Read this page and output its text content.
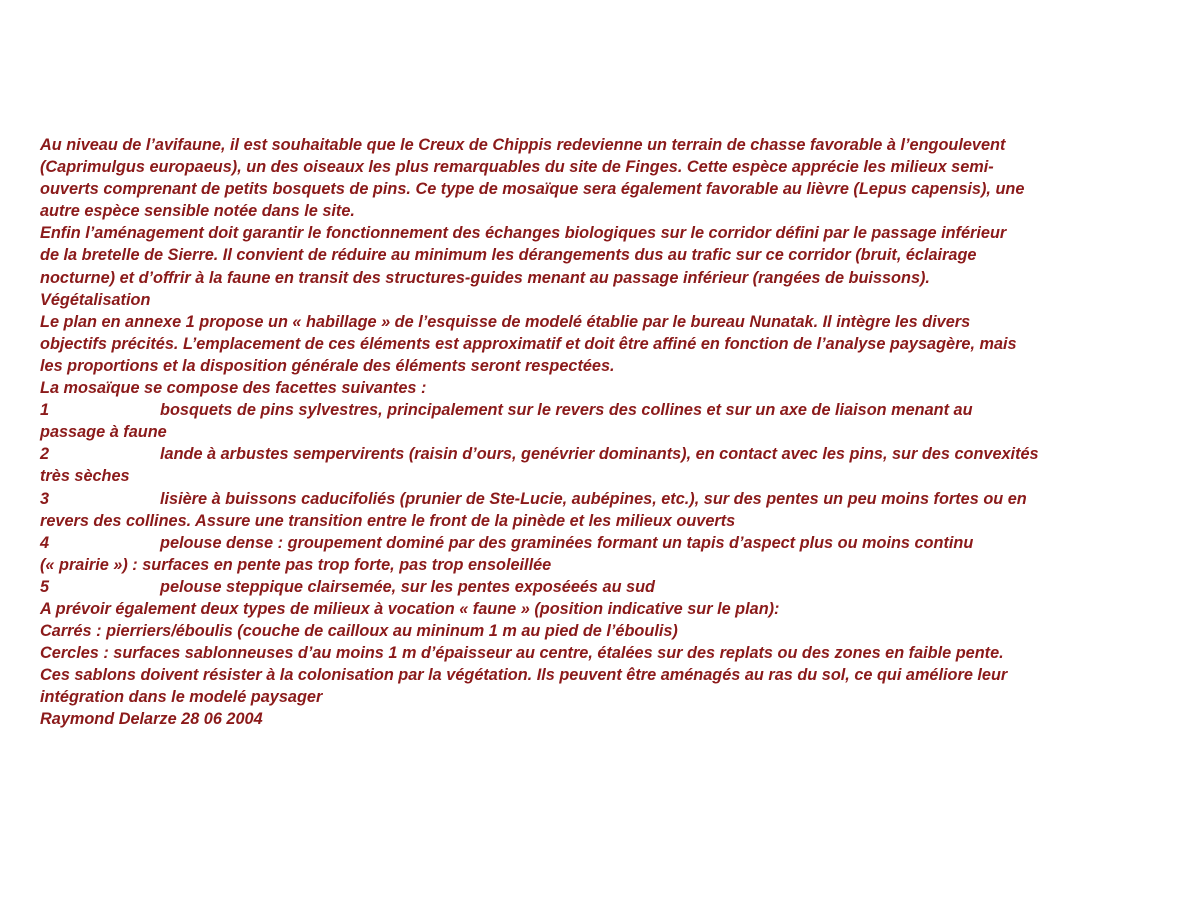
Au niveau de l’avifaune, il est souhaitable que le Creux de Chippis redevienne un terrain de chasse favorable à l’engoulevent
(Caprimulgus europaeus), un des oiseaux les plus remarquables du site de Finges. Cette espèce apprécie les milieux semi-
ouverts comprenant de petits bosquets de pins. Ce type de mosaïque sera également favorable au lièvre (Lepus capensis), une
autre espèce sensible notée dans le site.
Enfin l’aménagement doit garantir le fonctionnement des échanges biologiques sur le corridor défini par le passage inférieur
de la bretelle de Sierre. Il convient de réduire au minimum les dérangements dus au trafic sur ce corridor (bruit, éclairage
nocturne) et d’offrir à la faune en transit des structures-guides menant au passage inférieur (rangées de buissons).
Végétalisation
Le plan en annexe 1 propose un « habillage » de l’esquisse de modelé établie par le bureau Nunatak. Il intègre les divers
objectifs précités. L’emplacement de ces éléments est approximatif et doit être affiné en fonction de l’analyse paysagère, mais
les proportions et la disposition générale des éléments seront respectées.
La mosaïque se compose des facettes suivantes :
1	bosquets de pins sylvestres, principalement sur le revers des collines et sur un axe de liaison menant au
passage à faune
2	lande à arbustes sempervirents (raisin d’ours, genévrier dominants), en contact avec les pins, sur des convexités
très sèches
3	lisière à buissons caducifoliés (prunier de Ste-Lucie, aubépines, etc.), sur des pentes un peu moins fortes ou en
revers des collines. Assure une transition entre le front de la pinède et les milieux ouverts
4	pelouse dense : groupement dominé par des graminées formant un tapis d’aspect plus ou moins continu
(« prairie ») : surfaces en pente pas trop forte, pas trop ensoleillée
5	pelouse steppique clairsemée, sur les pentes exposéeés au sud
A prévoir également deux types de milieux à vocation « faune » (position indicative sur le plan):
Carrés : pierriers/éboulis (couche de cailloux au mininum 1 m au pied de l’éboulis)
Cercles : surfaces sablonneuses d’au moins 1 m d’épaisseur au centre, étalées sur des replats ou des zones en faible pente.
Ces sablons doivent résister à la colonisation par la végétation. Ils peuvent être aménagés au ras du sol, ce qui améliore leur
intégration dans le modelé paysager
Raymond Delarze 28 06 2004
